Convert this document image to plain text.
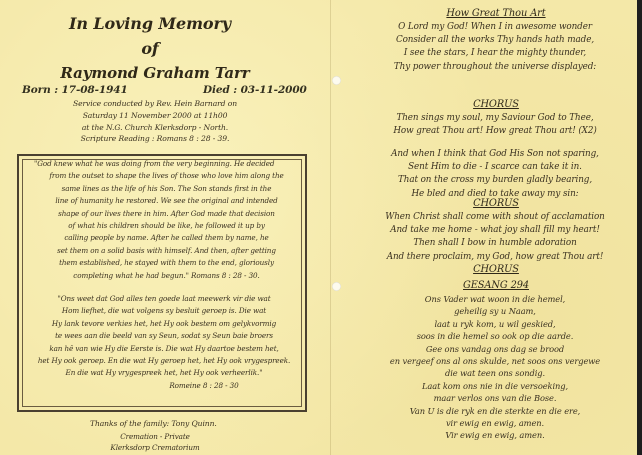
In Loving Memory
of
Raymond Graham Tarr
Born : 17-08-1941	Died : 03-11-2000
Service conducted by Rev. Hein Barnard on
Saturday 11 November 2000 at 11h00
at the N.G. Church Klerksdorp - North.
Scripture Reading : Romans 8 : 28 - 39.
"God knew what he was doing from the very beginning. He decided
from the outset to shape the lives of those who love him along the
same lines as the life of his Son. The Son stands first in the
line of humanity he restored. We see the original and intended
shape of our lives there in him. After God made that decision
of what his children should be like, he followed it up by
calling people by name. After he called them by name, he
set them on a solid basis with himself. And then, after getting
them established, he stayed with them to the end, gloriously
completing what he had begun." Romans 8 : 28 - 30.
"Ons weet dat God alles ten goede laat meewerk vir die wat
Hom liefhet, die wat volgens sy besluit geroep is. Die wat
Hy lank tevore verkies het, het Hy ook bestem om gelykvormig
te wees aan die beeld van sy Seun, sodat sy Seun baie broers
kan hê van wie Hy die Eerste is. Die wat Hy daartoe bestem het,
het Hy ook geroep. En die wat Hy geroep het, het Hy ook vrygespreek.
En die wat Hy vrygespreek het, het Hy ook verheerlik."
Romeine 8 : 28 - 30
Thanks of the family: Tony Quinn.
Cremation - Private
Klerksdorp Crematorium
How Great Thou Art
O Lord my God! When I in awesome wonder
Consider all the works Thy hands hath made,
I see the stars, I hear the mighty thunder,
Thy power throughout the universe displayed:
CHORUS
Then sings my soul, my Saviour God to Thee,
How great Thou art! How great Thou art! (X2)
And when I think that God His Son not sparing,
Sent Him to die - I scarce can take it in.
That on the cross my burden gladly bearing,
He bled and died to take away my sin:
CHORUS
When Christ shall come with shout of acclamation
And take me home - what joy shall fill my heart!
Then shall I bow in humble adoration
And there proclaim, my God, how great Thou art!
CHORUS
GESANG 294
Ons Vader wat woon in die hemel,
geheilig sy u Naam,
laat u ryk kom, u wil geskied,
soos in die hemel so ook op die aarde.
Gee ons vandag ons dag se brood
en vergeef ons al ons skulde, net soos ons vergewe
die wat teen ons sondig.
Laat kom ons nie in die versoeking,
maar verlos ons van die Bose.
Van U is die ryk en die sterkte en die ere,
vir ewig en ewig, amen.
Vir ewig en ewig, amen.
